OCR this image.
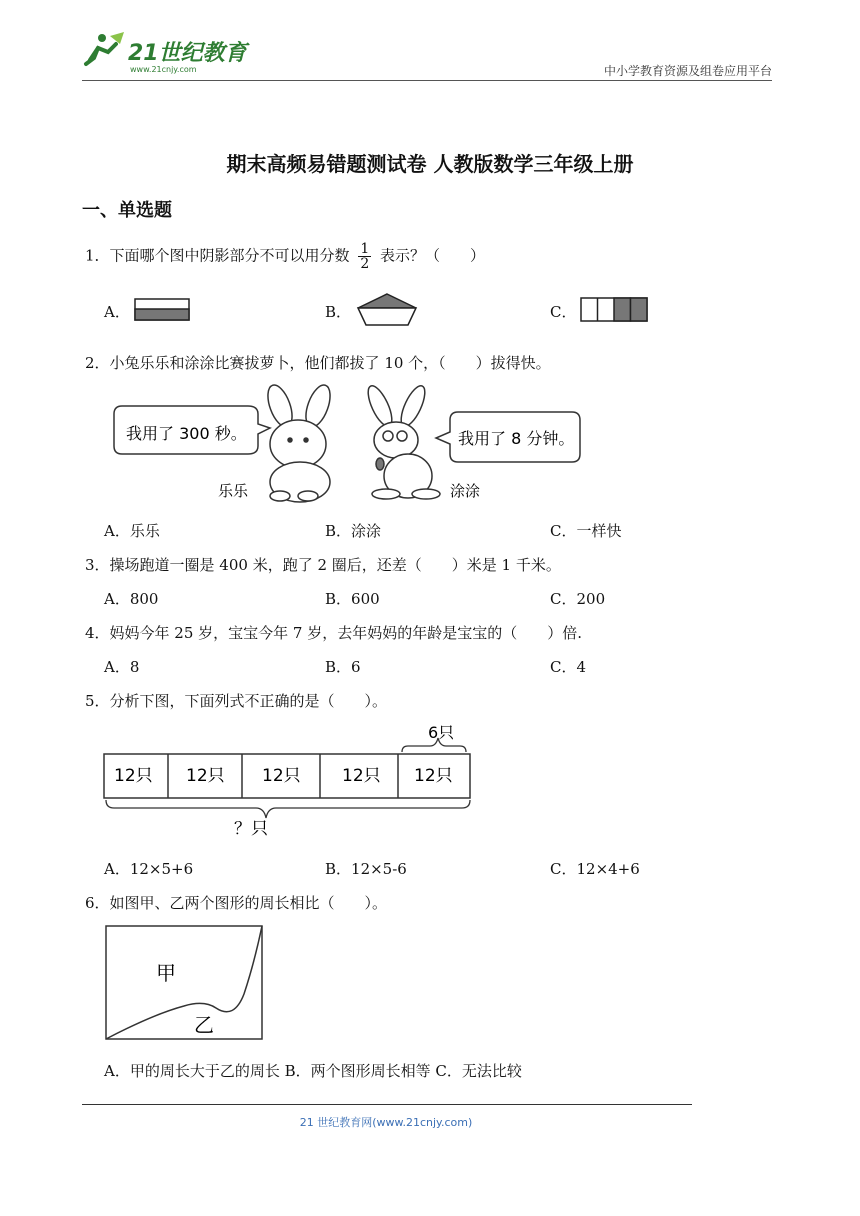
21世纪教育
www.21cnjy.com	中小学教育资源及组卷应用平台
期末高频易错题测试卷 人教版数学三年级上册
一、单选题
1．下面哪个图中阴影部分不可以用分数 $\frac{1}{2}$ 表示？（　　）
A．	B．	C．
2．小兔乐乐和涂涂比赛拔萝卜，他们都拔了 10 个，（　　）拔得快。
我用了 300 秒。
乐乐	涂涂
我用了 8 分钟。
A．乐乐	B．涂涂	C．一样快
3．操场跑道一圈是 400 米，跑了 2 圈后，还差（　　）米是 1 千米。
A．800	B．600	C．200
4．妈妈今年 25 岁，宝宝今年 7 岁，去年妈妈的年龄是宝宝的（　　）倍.
A．8	B．6	C．4
5．分析下图，下面列式不正确的是（　　）。
12只 12只 12只 12只 12只
6只
？只
A．12×5+6	B．12×5-6	C．12×4+6
6．如图甲、乙两个图形的周长相比（　　）。
甲
乙
A．甲的周长大于乙的周长 B．两个图形周长相等 C．无法比较
21 世纪教育网(www.21cnjy.com)
